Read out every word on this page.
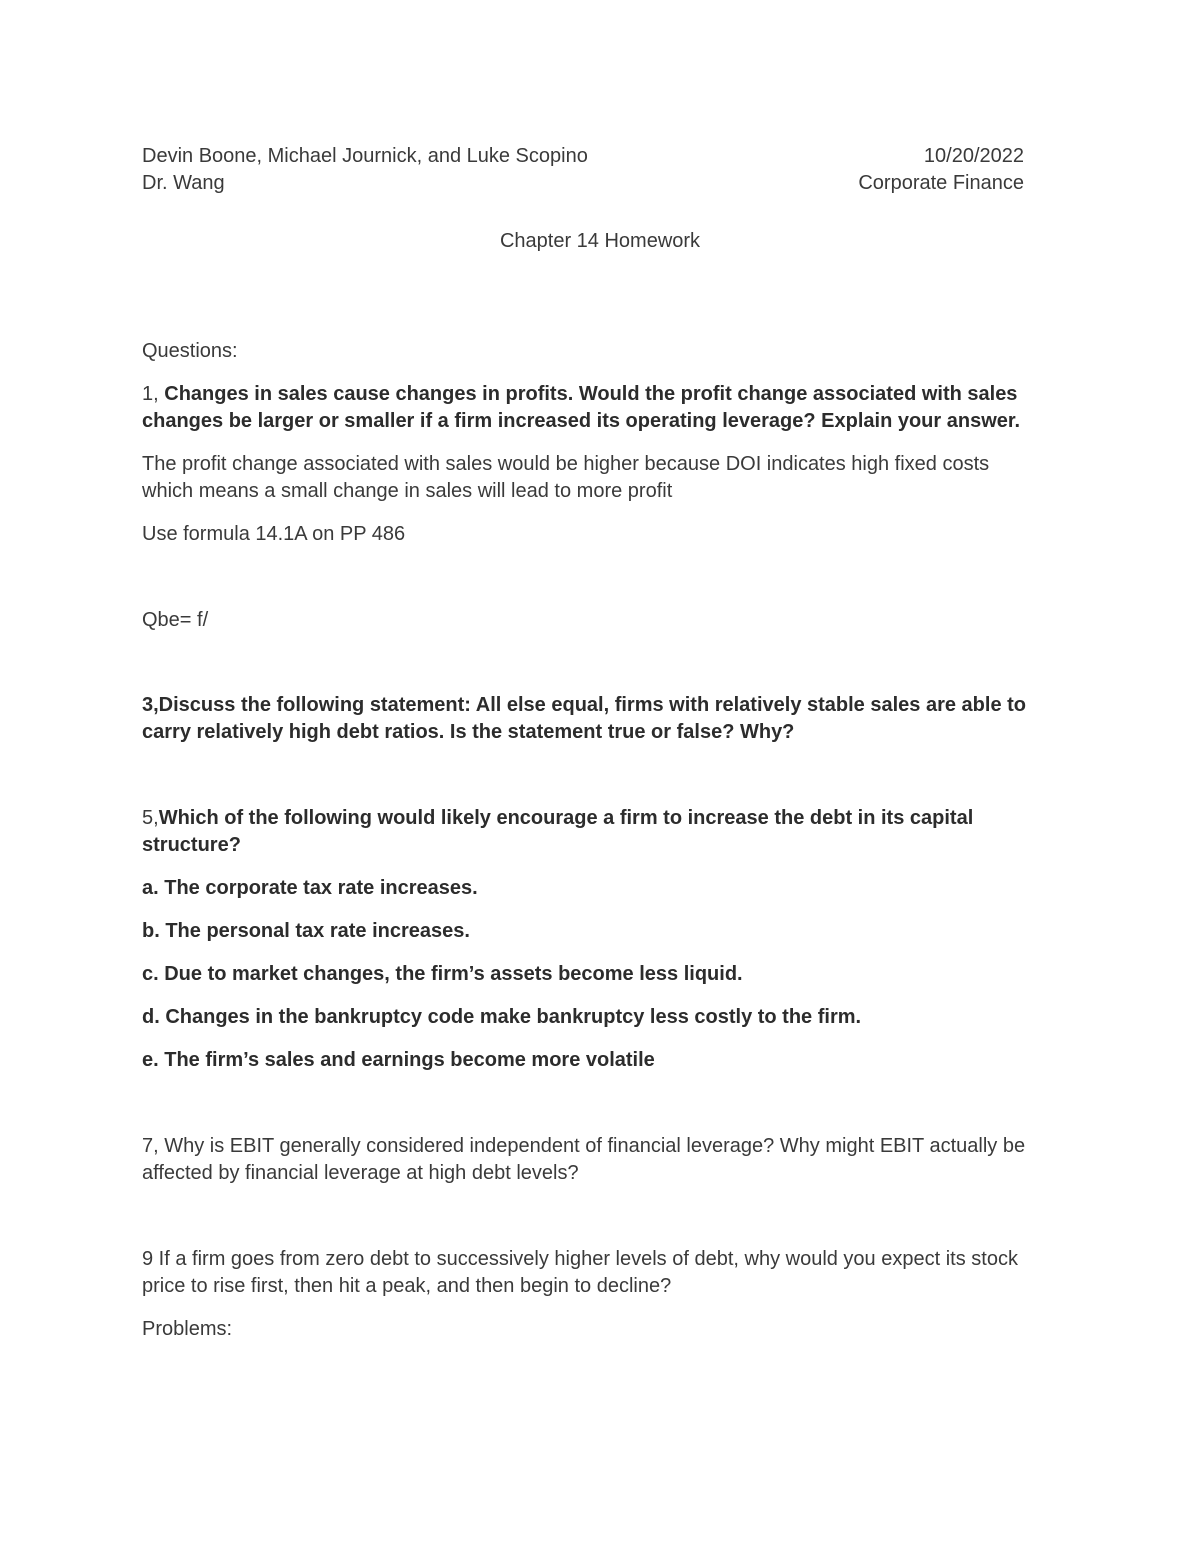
Devin Boone, Michael Journick, and Luke Scopino	10/20/2022
Dr. Wang	Corporate Finance
Chapter 14 Homework
Questions:
1, Changes in sales cause changes in profits. Would the profit change associated with sales
changes be larger or smaller if a firm increased its operating leverage? Explain your answer.
The profit change associated with sales would be higher because DOI indicates high fixed costs
which means a small change in sales will lead to more profit
Use formula 14.1A on PP 486
Qbe= f/
3,Discuss the following statement: All else equal, firms with relatively stable sales are able to
carry relatively high debt ratios. Is the statement true or false? Why?
5,Which of the following would likely encourage a firm to increase the debt in its capital
structure?
a. The corporate tax rate increases.
b. The personal tax rate increases.
c. Due to market changes, the firm’s assets become less liquid.
d. Changes in the bankruptcy code make bankruptcy less costly to the firm.
e. The firm’s sales and earnings become more volatile
7, Why is EBIT generally considered independent of financial leverage? Why might EBIT actually be
affected by financial leverage at high debt levels?
9 If a firm goes from zero debt to successively higher levels of debt, why would you expect its stock
price to rise first, then hit a peak, and then begin to decline?
Problems:
